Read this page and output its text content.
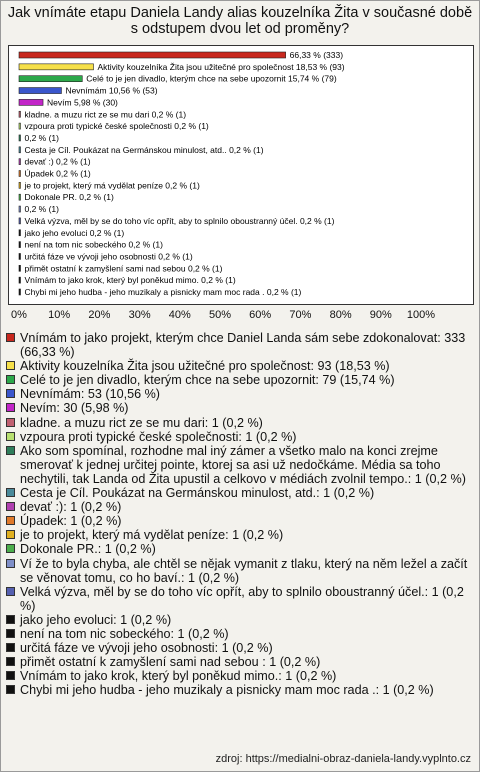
Jak vnímáte etapu Daniela Landy alias kouzelníka Žita v současné době s odstupem dvou let od proměny?
66,33 % (333)
Aktivity kouzelníka Žita jsou užitečné pro společnost 18,53 % (93)
Celé to je jen divadlo, kterým chce na sebe upozornit 15,74 % (79)
Nevnímám 10,56 % (53)
Nevím 5,98 % (30)
kladne. a muzu rict ze se mu dari 0,2 % (1)
vzpoura proti typické české společnosti 0,2 % (1)
0,2 % (1)
Cesta je Cíl. Poukázat na Germánskou minulost, atd.. 0,2 % (1)
devať :) 0,2 % (1)
Úpadek 0,2 % (1)
je to projekt, který má vydělat peníze 0,2 % (1)
Dokonale PR. 0,2 % (1)
0,2 % (1)
Velká výzva, měl by se do toho víc opřít, aby to splnilo oboustranný účel. 0,2 % (1)
jako jeho evoluci 0,2 % (1)
není na tom nic sobeckého 0,2 % (1)
určitá fáze ve vývoji jeho osobnosti 0,2 % (1)
přimět ostatní k zamyšlení sami nad sebou 0,2 % (1)
Vnímám to jako krok, který byl poněkud mimo. 0,2 % (1)
Chybi mi jeho hudba - jeho muzikaly a pisnicky mam moc rada . 0,2 % (1)
0% 10% 20% 30% 40% 50% 60% 70% 80% 90% 100%
Vnímám to jako projekt, kterým chce Daniel Landa sám sebe zdokonalovat: 333 (66,33 %)
Aktivity kouzelníka Žita jsou užitečné pro společnost: 93 (18,53 %)
Celé to je jen divadlo, kterým chce na sebe upozornit: 79 (15,74 %)
Nevnímám: 53 (10,56 %)
Nevím: 30 (5,98 %)
kladne. a muzu rict ze se mu dari: 1 (0,2 %)
vzpoura proti typické české společnosti: 1 (0,2 %)
Ako som spomínal, rozhodne mal iný zámer a všetko malo na konci zrejme smerovať k jednej určitej pointe, ktorej sa asi už nedočkáme. Média sa toho nechytili, tak Landa od Žita upustil a celkovo v médiách zvolnil tempo.: 1 (0,2 %)
Cesta je Cíl. Poukázat na Germánskou minulost, atd.: 1 (0,2 %)
devať :): 1 (0,2 %)
Úpadek: 1 (0,2 %)
je to projekt, který má vydělat peníze: 1 (0,2 %)
Dokonale PR.: 1 (0,2 %)
Ví že to byla chyba, ale chtěl se nějak vymanit z tlaku, který na něm ležel a začít se věnovat tomu, co ho baví.: 1 (0,2 %)
Velká výzva, měl by se do toho víc opřít, aby to splnilo oboustranný účel.: 1 (0,2 %)
jako jeho evoluci: 1 (0,2 %)
není na tom nic sobeckého: 1 (0,2 %)
určitá fáze ve vývoji jeho osobnosti: 1 (0,2 %)
přimět ostatní k zamyšlení sami nad sebou : 1 (0,2 %)
Vnímám to jako krok, který byl poněkud mimo.: 1 (0,2 %)
Chybi mi jeho hudba - jeho muzikaly a pisnicky mam moc rada .: 1 (0,2 %)
zdroj: https://medialni-obraz-daniela-landy.vyplnto.cz
